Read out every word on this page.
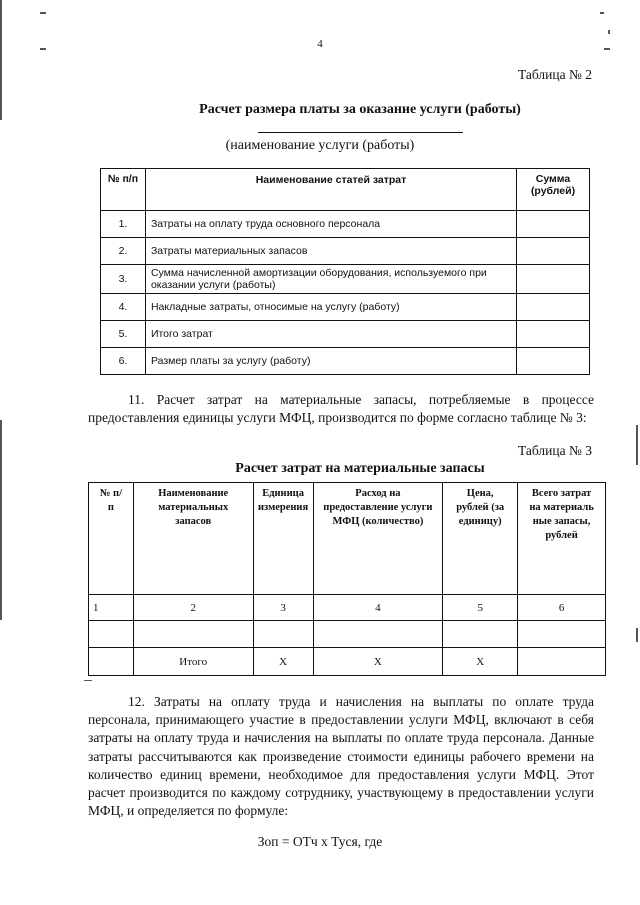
4
Таблица № 2
Расчет размера платы за оказание услуги (работы)
(наименование услуги (работы)
№ п/п	Наименование статей затрат	Сумма (рублей)
1.	Затраты на оплату труда основного персонала	
2.	Затраты материальных запасов	
3.	Сумма начисленной амортизации оборудования, используемого при оказании услуги (работы)	
4.	Накладные затраты, относимые на услугу (работу)	
5.	Итого затрат	
6.	Размер платы за услугу (работу)	
11. Расчет затрат на материальные запасы, потребляемые в процессе предоставления единицы услуги МФЦ, производится по форме согласно таблице № 3:
Таблица № 3
Расчет затрат на материальные запасы
№ п/п	Наименование материальных запасов	Единица измерения	Расход на предоставление услуги МФЦ (количество)	Цена, рублей (за единицу)	Всего затрат на материаль ные запасы, рублей
1	2	3	4	5	6

	Итого	X	X	X	
12. Затраты на оплату труда и начисления на выплаты по оплате труда персонала, принимающего участие в предоставлении услуги МФЦ, включают в себя затраты на оплату труда и начисления на выплаты по оплате труда персонала. Данные затраты рассчитываются как произведение стоимости единицы рабочего времени на количество единиц времени, необходимое для предоставления услуги МФЦ. Этот расчет производится по каждому сотруднику, участвующему в предоставлении услуги МФЦ, и определяется по формуле:
Зоп = ОТч x Туся, где
